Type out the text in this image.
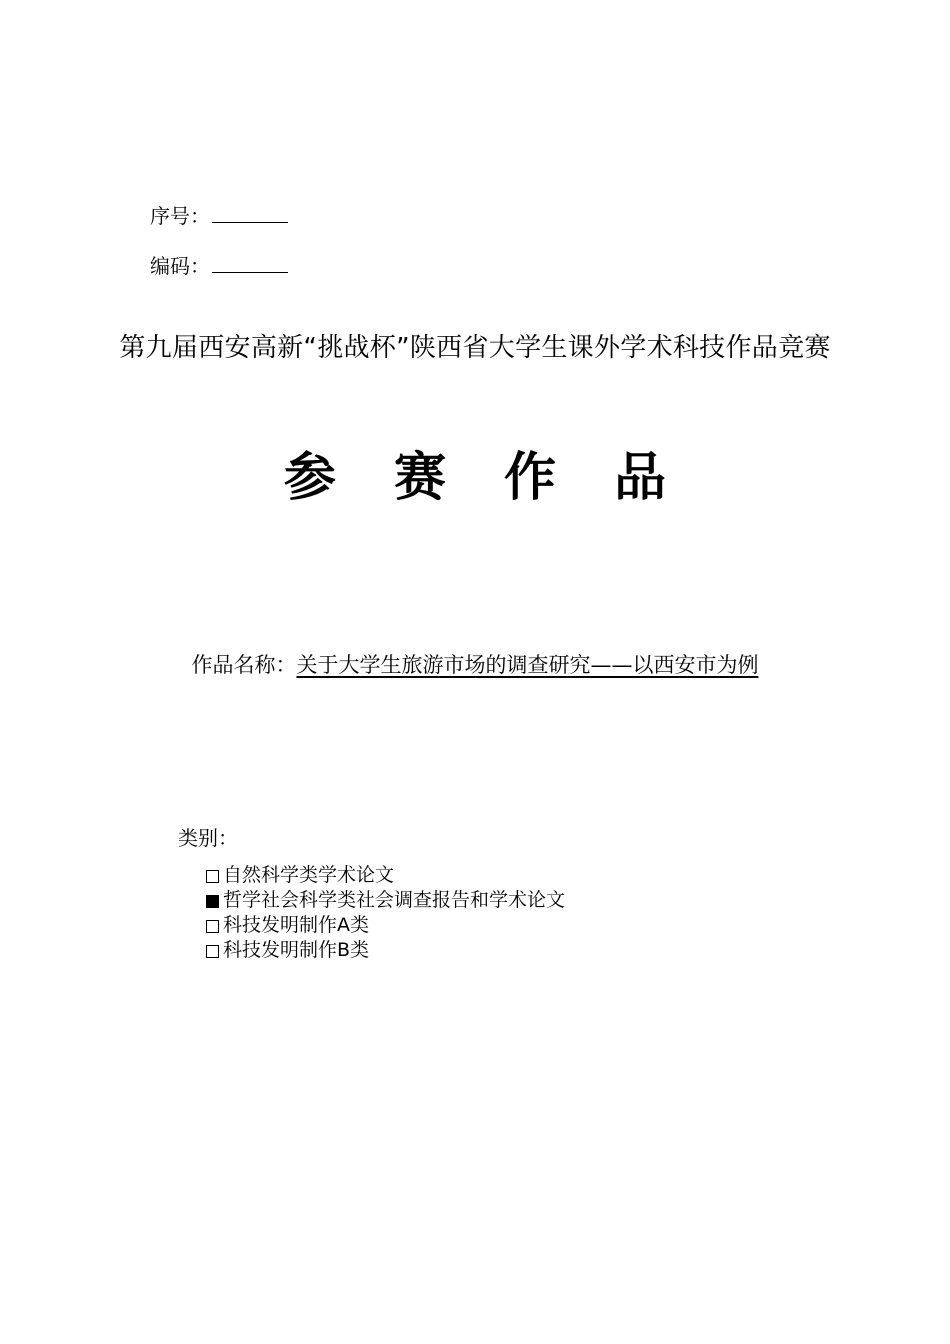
序号：
编码：
第九届西安高新“挑战杯”陕西省大学生课外学术科技作品竞赛
参 赛 作 品
作品名称：关于大学生旅游市场的调查研究——以西安市为例
类别：
自然科学类学术论文
哲学社会科学类社会调查报告和学术论文
科技发明制作A类
科技发明制作B类
